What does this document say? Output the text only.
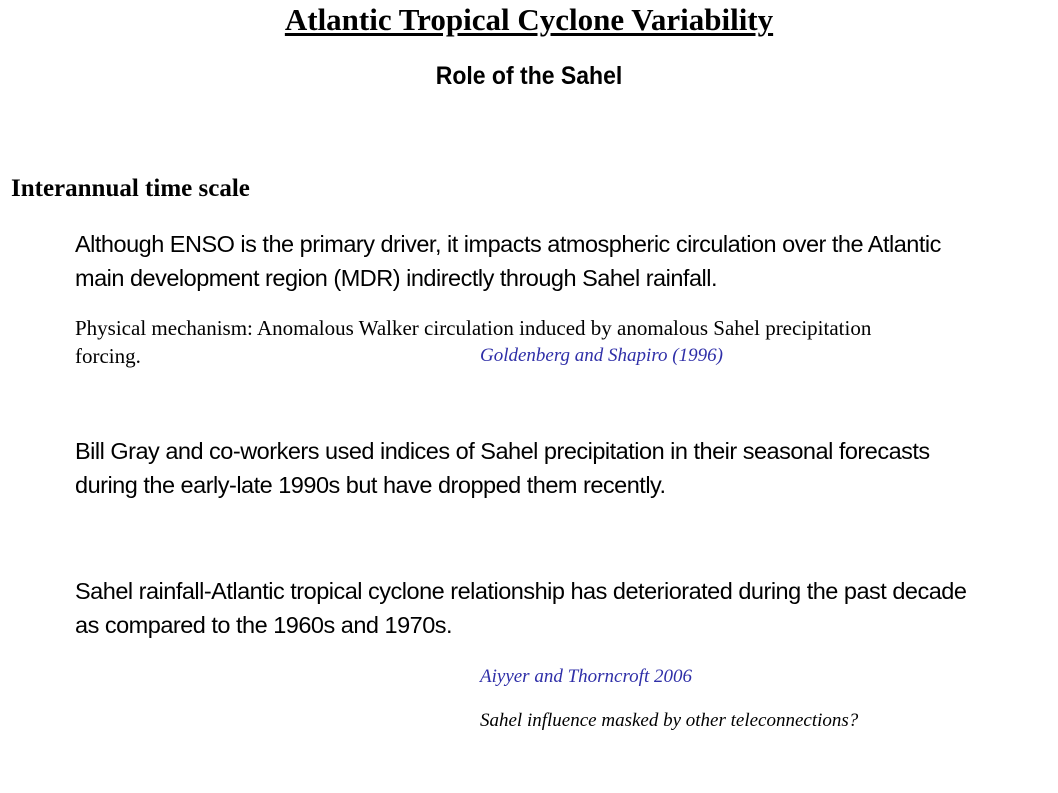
Atlantic Tropical Cyclone Variability
Role of the Sahel
Interannual time scale

Although ENSO is the primary driver, it impacts atmospheric circulation over the Atlantic
main development region (MDR) indirectly through Sahel rainfall.

Physical mechanism: Anomalous Walker circulation induced by anomalous Sahel precipitation
forcing.	Goldenberg and Shapiro (1996)

Bill Gray and co-workers used indices of Sahel precipitation in their seasonal forecasts
during the early-late 1990s but have dropped them recently.

Sahel rainfall-Atlantic tropical cyclone relationship has deteriorated during the past decade
as compared to the 1960s and 1970s.

Aiyyer and Thorncroft 2006

Sahel influence masked by other teleconnections?
